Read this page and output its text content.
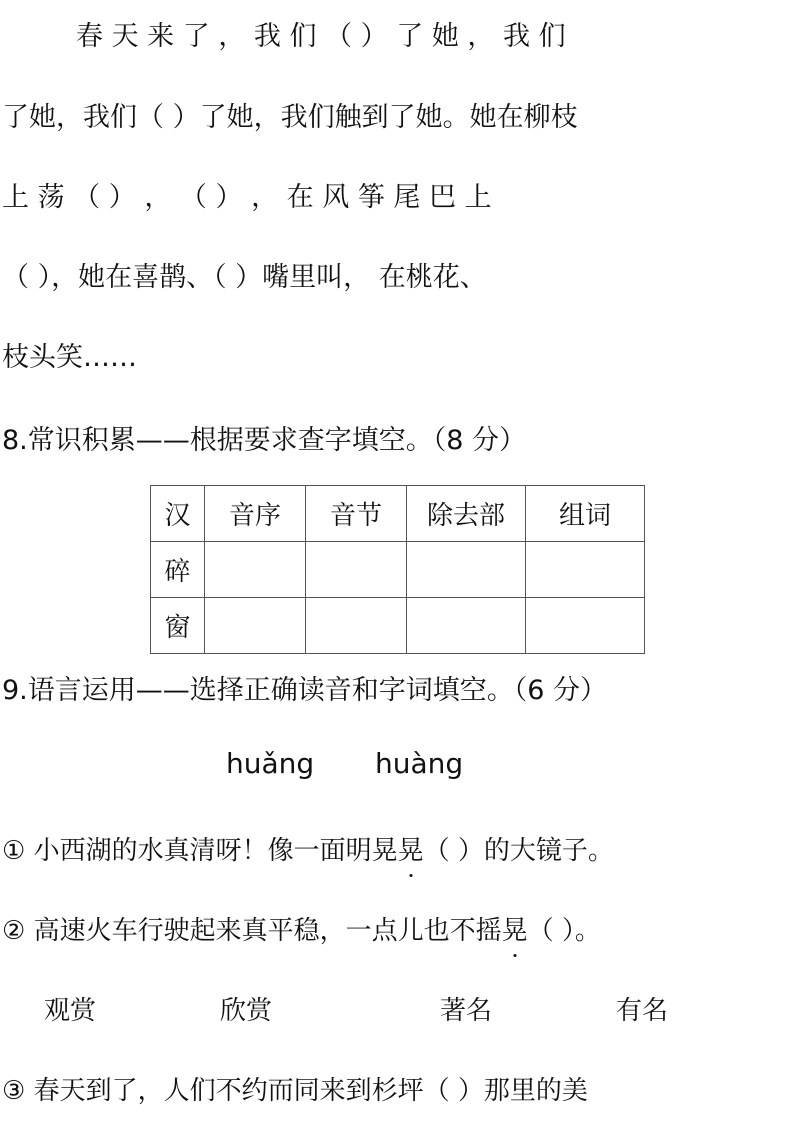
春 天 来 了 ， 我 们 （ ） 了 她 ， 我 们
了她，我们（ ）了她，我们触到了她。她在柳枝
上 荡 （ ） ， （ ） ， 在 风 筝 尾 巴 上
（ ），她在喜鹊、（ ）嘴里叫， 在桃花、
枝头笑……
8.常识积累——根据要求查字填空。（8 分）
汉	音序	音节	除去部	组词
碎				
窗				
9.语言运用——选择正确读音和字词填空。（6 分）
huǎng huàng
① 小西湖的水真清呀！像一面明晃晃（ ）的大镜子。
② 高速火车行驶起来真平稳，一点儿也不摇晃（ ）。
观赏	欣赏	著名	有名
③ 春天到了，人们不约而同来到杉坪（ ）那里的美
